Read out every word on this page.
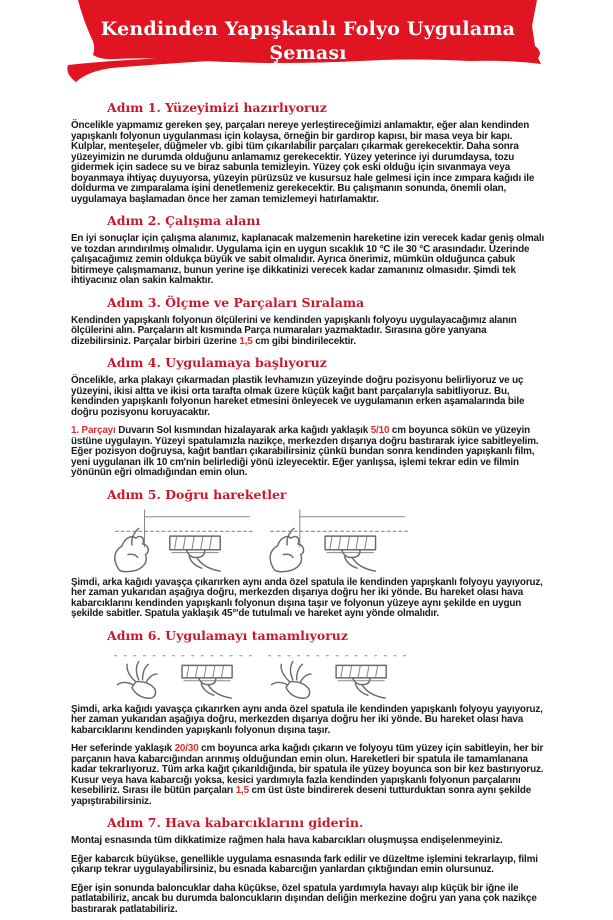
Kendinden Yapışkanlı Folyo Uygulama Şeması
Adım 1. Yüzeyimizi hazırlıyoruz

Öncelikle yapmamız gereken şey, parçaları nereye yerleştireceğimizi anlamaktır, eğer alan kendinden yapışkanlı folyonun uygulanması için kolaysa, örneğin bir gardırop kapısı, bir masa veya bir kapı. Kulplar, menteşeler, düğmeler vb. gibi tüm çıkarılabilir parçaları çıkarmak gerekecektir. Daha sonra yüzeyimizin ne durumda olduğunu anlamamız gerekecektir. Yüzey yeterince iyi durumdaysa, tozu gidermek için sadece su ve biraz sabunla temizleyin. Yüzey çok eski olduğu için sıvanmaya veya boyanmaya ihtiyaç duyuyorsa, yüzeyin pürüzsüz ve kusursuz hale gelmesi için ince zımpara kağıdı ile doldurma ve zımparalama işini denetlemeniz gerekecektir. Bu çalışmanın sonunda, önemli olan, uygulamaya başlamadan önce her zaman temizlemeyi hatırlamaktır.

Adım 2. Çalışma alanı

En iyi sonuçlar için çalışma alanımız, kaplanacak malzemenin hareketine izin verecek kadar geniş olmalı ve tozdan arındırılmış olmalıdır. Uygulama için en uygun sıcaklık 10 °C ile 30 °C arasındadır. Üzerinde çalışacağımız zemin oldukça büyük ve sabit olmalıdır. Ayrıca önerimiz, mümkün olduğunca çabuk bitirmeye çalışmamanız, bunun yerine işe dikkatinizi verecek kadar zamanınız olmasıdır. Şimdi tek ihtiyacınız olan sakin kalmaktır.

Adım 3. Ölçme ve Parçaları Sıralama

Kendinden yapışkanlı folyonun ölçülerini ve kendinden yapışkanlı folyoyu uygulayacağımız alanın ölçülerini alın. Parçaların alt kısmında Parça numaraları yazmaktadır. Sırasına göre yanyana dizebilirsiniz. Parçalar birbiri üzerine 1,5 cm gibi bindirilecektir.

Adım 4. Uygulamaya başlıyoruz

Öncelikle, arka plakayı çıkarmadan plastik levhamızın yüzeyinde doğru pozisyonu belirliyoruz ve uç yüzeyini, ikisi altta ve ikisi orta tarafta olmak üzere küçük kağıt bant parçalarıyla sabitliyoruz. Bu, kendinden yapışkanlı folyonun hareket etmesini önleyecek ve uygulamanın erken aşamalarında bile doğru pozisyonu koruyacaktır.

1. Parçayı Duvarın Sol kısmından hizalayarak arka kağıdı yaklaşık 5/10 cm boyunca sökün ve yüzeyin üstüne uygulayın. Yüzeyi spatulamızla nazikçe, merkezden dışarıya doğru bastırarak iyice sabitleyelim. Eğer pozisyon doğruysa, kağıt bantları çıkarabilirsiniz çünkü bundan sonra kendinden yapışkanlı film, yeni uygulanan ilk 10 cm'nin belirlediği yönü izleyecektir. Eğer yanlışsa, işlemi tekrar edin ve filmin yönünün eğri olmadığından emin olun.

Adım 5. Doğru hareketler

Şimdi, arka kağıdı yavaşça çıkarırken aynı anda özel spatula ile kendinden yapışkanlı folyoyu yayıyoruz, her zaman yukarıdan aşağıya doğru, merkezden dışarıya doğru her iki yönde. Bu hareket olası hava kabarcıklarını kendinden yapışkanlı folyonun dışına taşır ve folyonun yüzeye aynı şekilde en uygun şekilde sabitler. Spatula yaklaşık 45°'de tutulmalı ve hareket aynı yönde olmalıdır.

Adım 6. Uygulamayı tamamlıyoruz

Şimdi, arka kağıdı yavaşça çıkarırken aynı anda özel spatula ile kendinden yapışkanlı folyoyu yayıyoruz, her zaman yukarıdan aşağıya doğru, merkezden dışarıya doğru her iki yönde. Bu hareket olası hava kabarcıklarını kendinden yapışkanlı folyonun dışına taşır.

Her seferinde yaklaşık 20/30 cm boyunca arka kağıdı çıkarın ve folyoyu tüm yüzey için sabitleyin, her bir parçanın hava kabarcığından arınmış olduğundan emin olun. Hareketleri bir spatula ile tamamlanana kadar tekrarlıyoruz. Tüm arka kağıt çıkarıldığında, bir spatula ile yüzey boyunca son bir kez bastırıyoruz. Kusur veya hava kabarcığı yoksa, kesici yardımıyla fazla kendinden yapışkanlı folyonun parçalarını kesebiliriz. Sırası ile bütün parçaları 1,5 cm üst üste bindirerek deseni tutturduktan sonra aynı şekilde yapıştırabilirsiniz.

Adım 7. Hava kabarcıklarını giderin.

Montaj esnasında tüm dikkatimize rağmen hala hava kabarcıkları oluşmuşsa endişelenmeyiniz.

Eğer kabarcık büyükse, genellikle uygulama esnasında fark edilir ve düzeltme işlemini tekrarlayıp, filmi çıkarıp tekrar uygulayabilirsiniz, bu esnada kabarcığın yanlardan çıktığından emin olursunuz.

Eğer işin sonunda baloncuklar daha küçükse, özel spatula yardımıyla havayı alıp küçük bir iğne ile patlatabiliriz, ancak bu durumda baloncukların dışından deliğin merkezine doğru yan yana çok nazikçe bastırarak patlatabiliriz.
